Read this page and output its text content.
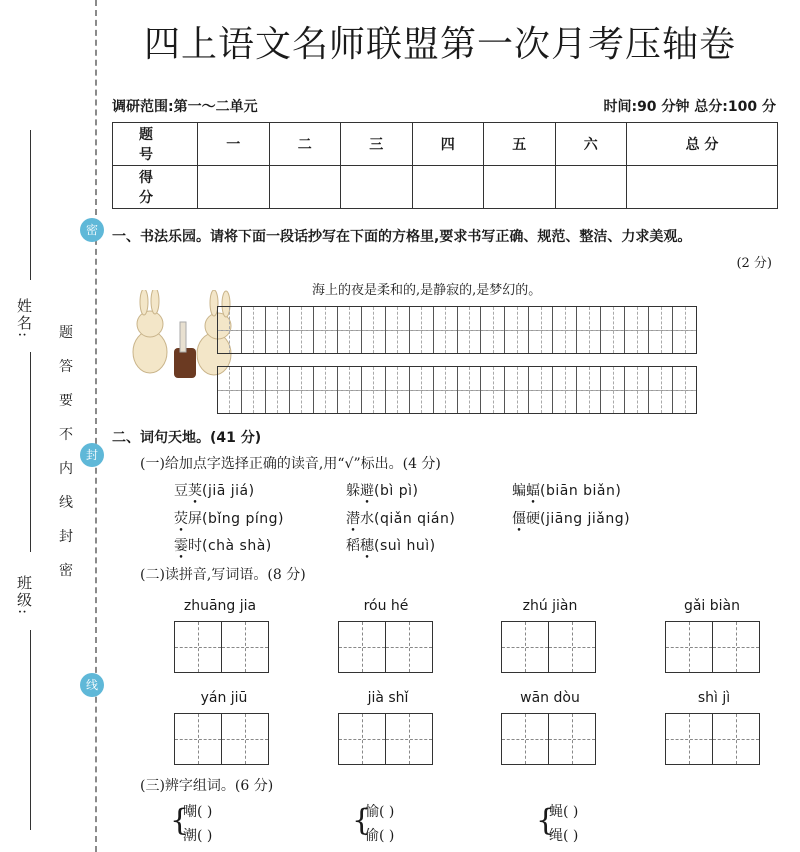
密
封
线
姓名:
班级:
题
答
要
不
内
线
封
密
四上语文名师联盟第一次月考压轴卷
调研范围:第一～二单元	时间:90 分钟 总分:100 分
题 号	一	二	三	四	五	六	总 分
得 分							
一、书法乐园。请将下面一段话抄写在下面的方格里,要求书写正确、规范、整洁、力求美观。
(2 分)
海上的夜是柔和的,是静寂的,是梦幻的。
二、词句天地。(41 分)
(一)给加点字选择正确的读音,用“√”标出。(4 分)
豆荚(jiā jiá)	躲避(bì pì)	蝙蝠(biān biǎn)
荧屏(bǐng píng)	潜水(qiǎn qián)	僵硬(jiāng jiǎng)
霎时(chà shà)	稻穗(suì huì)
(二)读拼音,写词语。(8 分)
zhuāng jia	róu hé	zhú jiàn	gǎi biàn
yán jiū	jià shǐ	wān dòu	shì jì
(三)辨字组词。(6 分)
{
嘲( )
潮( )	{
愉( )
偷( )	{
蝇( )
绳( )
